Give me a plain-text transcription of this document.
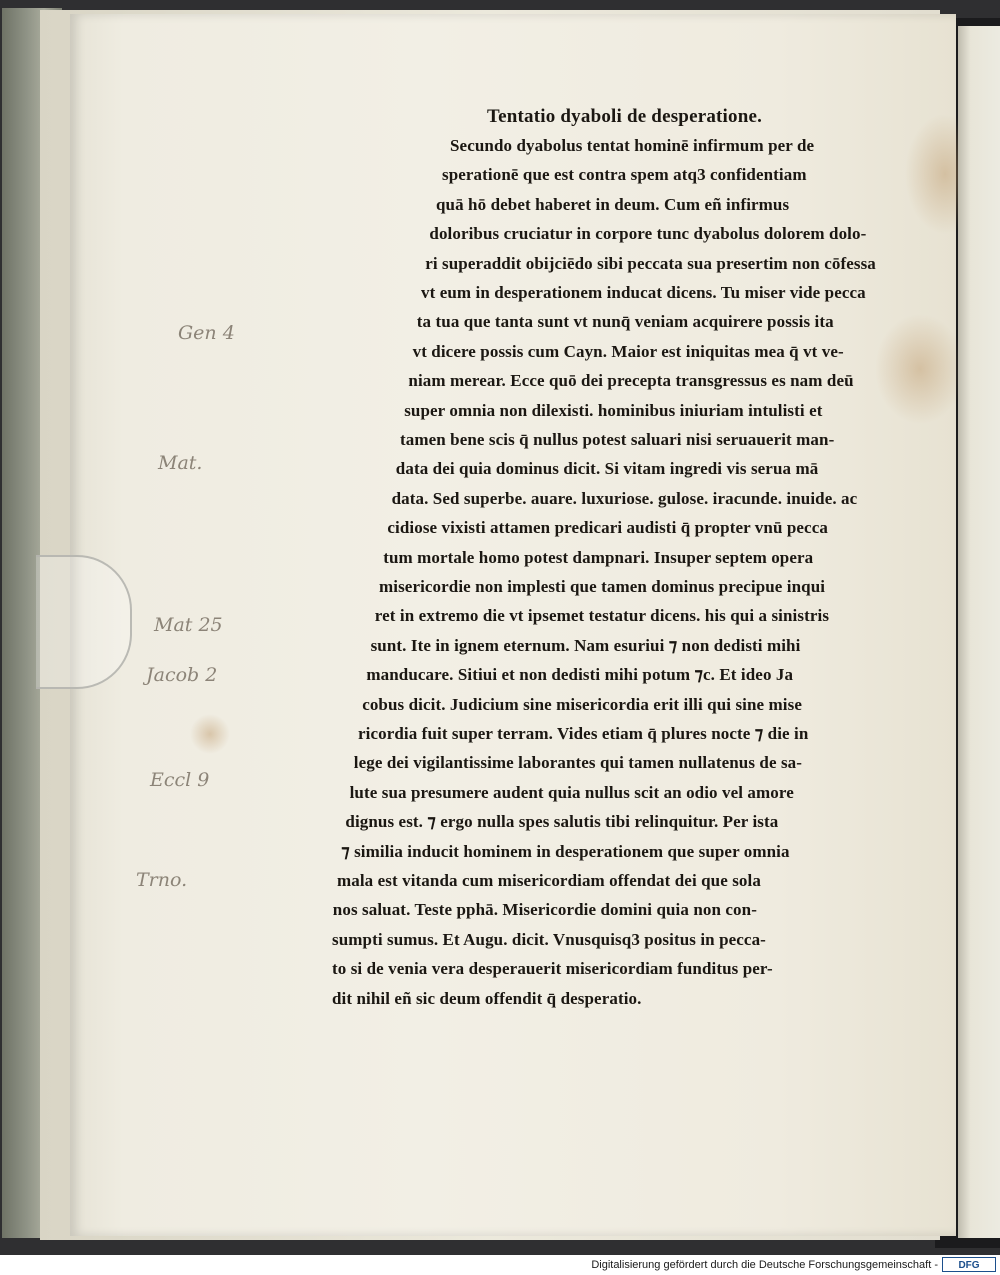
Tentatio dyaboli de desperatione.
Secundo dyabolus tentat hominē infirmum per de
sperationē que est contra spem atq3 confidentiam
quā hō debet haberet in deum. Cum eñ infirmus
doloribus cruciatur in corpore tunc dyabolus dolorem dolo-
ri superaddit obijciēdo sibi peccata sua presertim non cōfessa
vt eum in desperationem inducat dicens. Tu miser vide pecca
ta tua que tanta sunt vt nunq̄ veniam acquirere possis ita
vt dicere possis cum Cayn. Maior est iniquitas mea q̄ vt ve-
niam merear. Ecce quō dei precepta transgressus es nam deū
super omnia non dilexisti. hominibus iniuriam intulisti et
tamen bene scis q̄ nullus potest saluari nisi seruauerit man-
data dei quia dominus dicit. Si vitam ingredi vis serua mā
data. Sed superbe. auare. luxuriose. gulose. iracunde. inuide. ac
cidiose vixisti attamen predicari audisti q̄ propter vnū pecca
tum mortale homo potest dampnari. Insuper septem opera
misericordie non implesti que tamen dominus precipue inqui
ret in extremo die vt ipsemet testatur dicens. his qui a sinistris
sunt. Ite in ignem eternum. Nam esuriui ⁊ non dedisti mihi
manducare. Sitiui et non dedisti mihi potum ⁊c. Et ideo Ja
cobus dicit. Judicium sine misericordia erit illi qui sine mise
ricordia fuit super terram. Vides etiam q̄ plures nocte ⁊ die in
lege dei vigilantissime laborantes qui tamen nullatenus de sa-
lute sua presumere audent quia nullus scit an odio vel amore
dignus est. ⁊ ergo nulla spes salutis tibi relinquitur. Per ista
⁊ similia inducit hominem in desperationem que super omnia
mala est vitanda cum misericordiam offendat dei que sola
nos saluat. Teste pphā. Misericordie domini quia non con-
sumpti sumus. Et Augu. dicit. Vnusquisq3 positus in pecca-
to si de venia vera desperauerit misericordiam funditus per-
dit nihil eñ sic deum offendit q̄ desperatio.
Gen 4
Mat.
Mat 25
Jacob 2
Eccl 9
Trno.
Digitalisierung gefördert durch die Deutsche Forschungsgemeinschaft -	DFG
